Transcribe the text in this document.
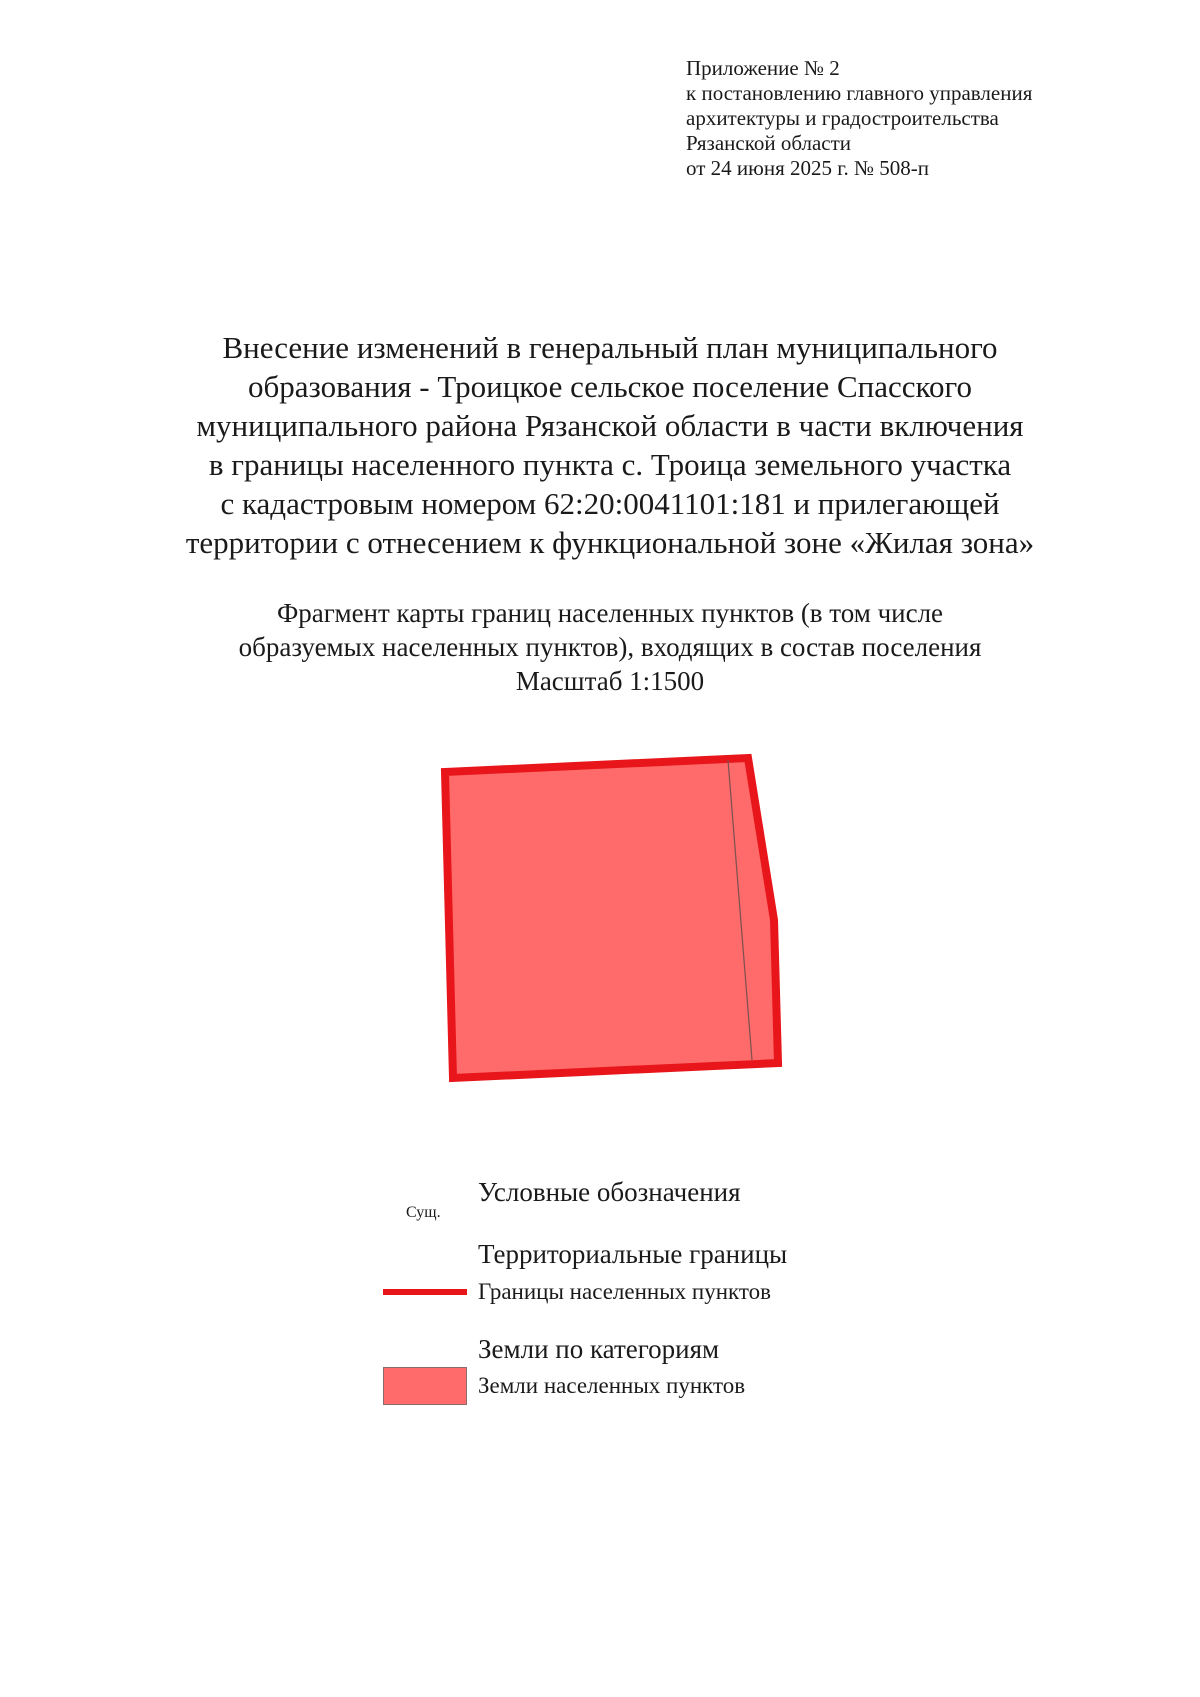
Приложение № 2
к постановлению главного управления
архитектуры и градостроительства
Рязанской области
от 24 июня 2025 г. № 508-п
Внесение изменений в генеральный план муниципального
образования - Троицкое сельское поселение Спасского
муниципального района Рязанской области в части включения
в границы населенного пункта с. Троица земельного участка
с кадастровым номером 62:20:0041101:181 и прилегающей
территории с отнесением к функциональной зоне «Жилая зона»
Фрагмент карты границ населенных пунктов (в том числе
образуемых населенных пунктов), входящих в состав поселения
Масштаб 1:1500
Условные обозначения
Сущ.
Территориальные границы
Границы населенных пунктов
Земли по категориям
Земли населенных пунктов
